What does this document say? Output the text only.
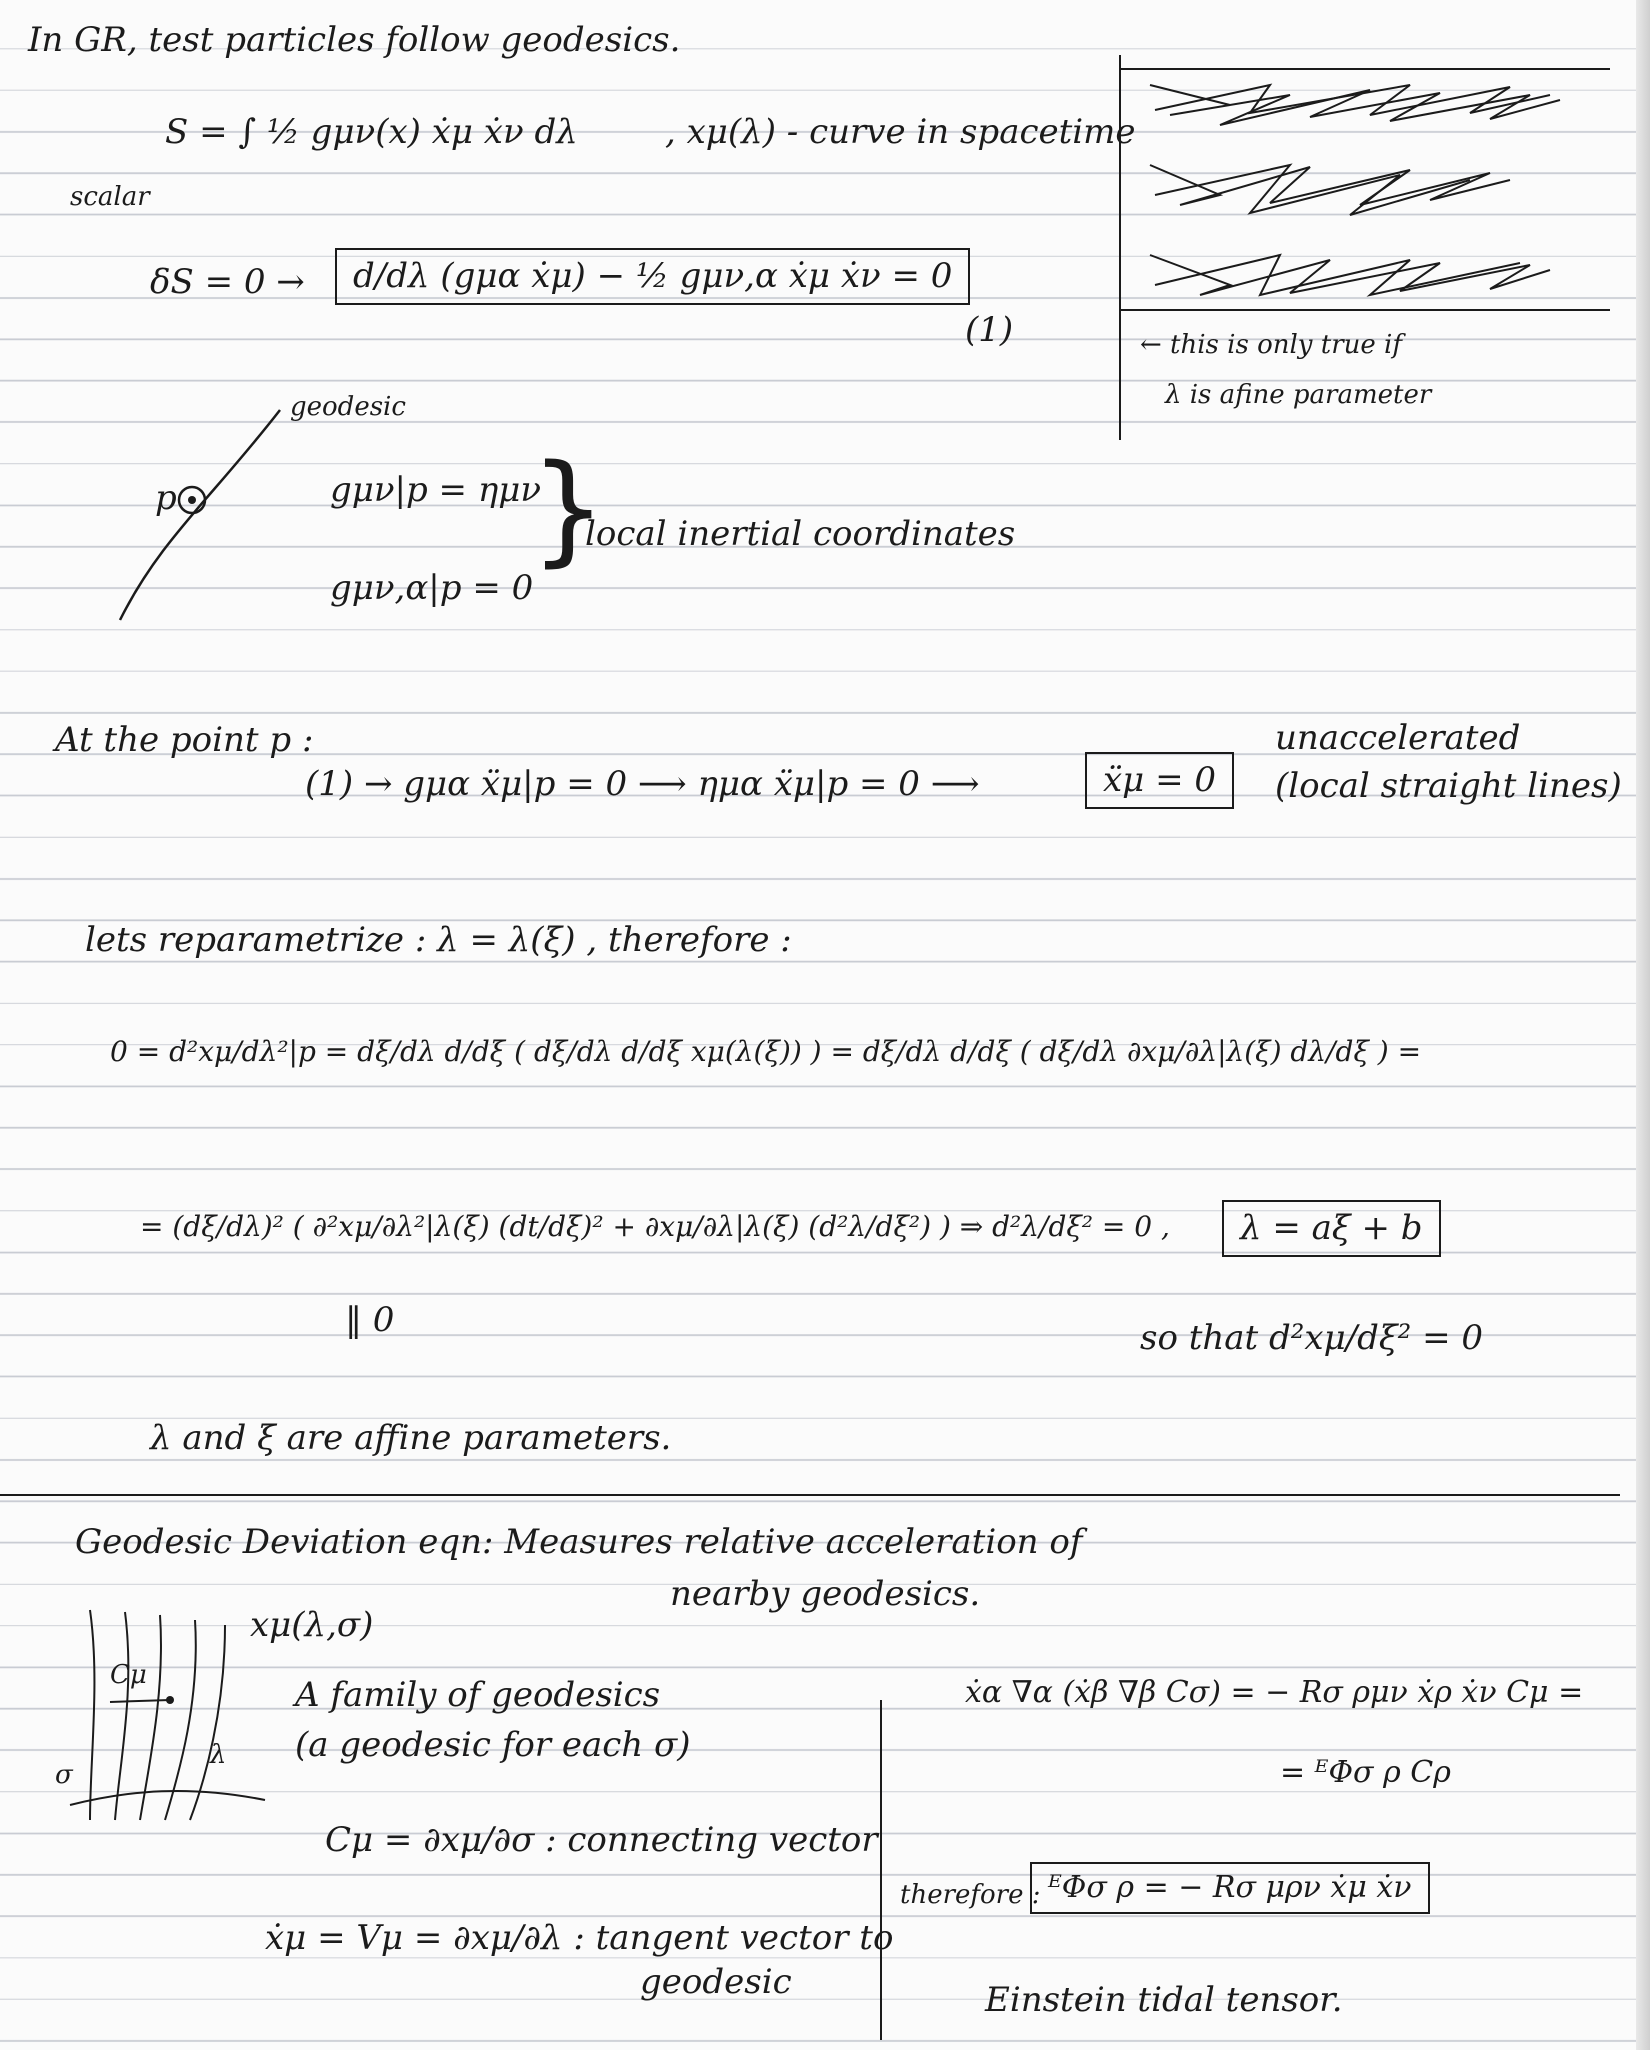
In GR, test particles follow geodesics.
scalar
S = ∫ ½ gμν(x) ẋμ ẋν dλ	, xμ(λ) - curve in spacetime
δS = 0 →	d/dλ (gμα ẋμ) − ½ gμν,α ẋμ ẋν = 0
(1)	← this is only true if
λ is afine parameter
geodesic
p	gμν|p = ημν
gμν,α|p = 0
}
local inertial coordinates
At the point p :
(1) → gμα ẍμ|p = 0 ⟶ ημα ẍμ|p = 0 ⟶	ẍμ = 0
unaccelerated
(local straight lines)
lets reparametrize : λ = λ(ξ) , therefore :
0 = d²xμ/dλ²|p = dξ/dλ d/dξ ( dξ/dλ d/dξ xμ(λ(ξ)) ) = dξ/dλ d/dξ ( dξ/dλ ∂xμ/∂λ|λ(ξ) dλ/dξ ) =
= (dξ/dλ)² ( ∂²xμ/∂λ²|λ(ξ) (dt/dξ)² + ∂xμ/∂λ|λ(ξ) (d²λ/dξ²) ) ⇒ d²λ/dξ² = 0 ,	λ = aξ + b
‖ 0	so that d²xμ/dξ² = 0
λ and ξ are affine parameters.
Geodesic Deviation eqn: Measures relative acceleration of
nearby geodesics.
xμ(λ,σ)
Cμ
σ
λ
A family of geodesics
(a geodesic for each σ)
Cμ = ∂xμ/∂σ : connecting vector
ẋμ = Vμ = ∂xμ/∂λ : tangent vector to
geodesic
ẋα ∇α (ẋβ ∇β Cσ) = − Rσ ρμν ẋρ ẋν Cμ =
= ᴱΦσ ρ Cρ
therefore : ᴱΦσ ρ = − Rσ μρν ẋμ ẋν
Einstein tidal tensor.
